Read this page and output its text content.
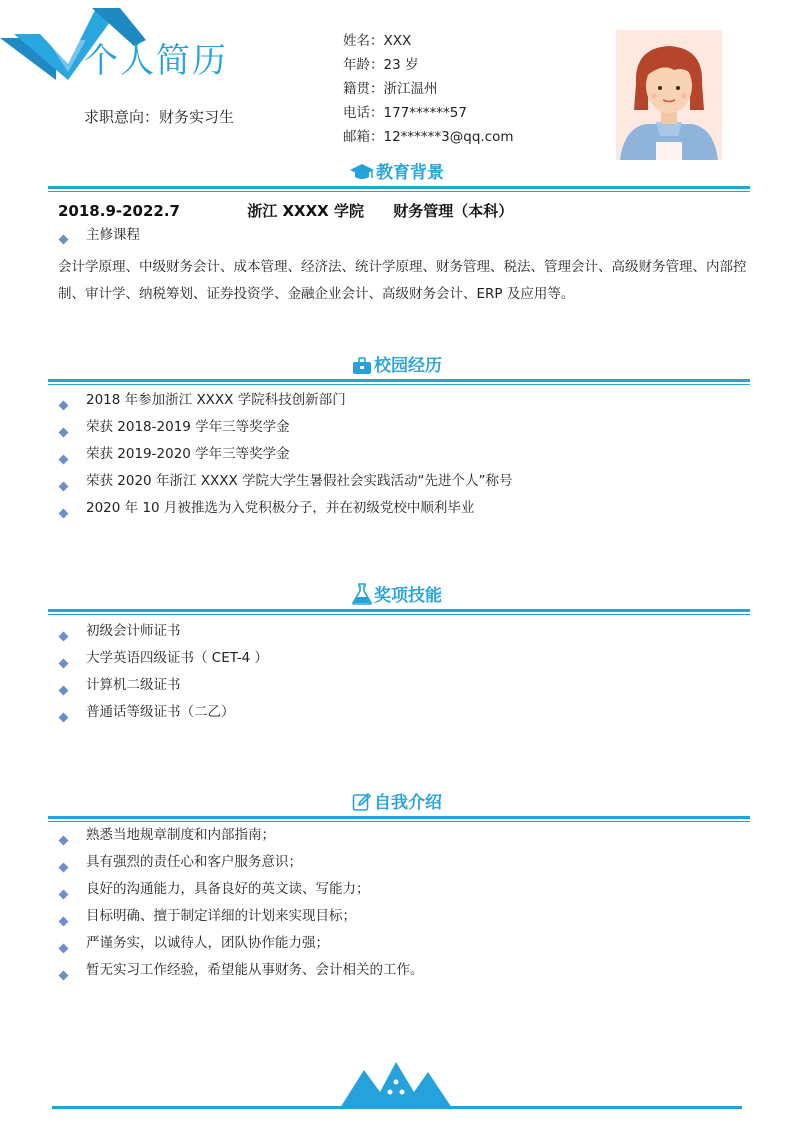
个人简历
求职意向：财务实习生
姓名：XXX
年龄：23 岁
籍贯：浙江温州
电话：177******57
邮箱：12******3@qq.com
教育背景
2018.9-2022.7	浙江 XXXX 学院 财务管理（本科）
主修课程
会计学原理、中级财务会计、成本管理、经济法、统计学原理、财务管理、税法、管理会计、高级财务管理、内部控制、审计学、纳税筹划、证券投资学、金融企业会计、高级财务会计、ERP 及应用等。
校园经历
2018 年参加浙江 XXXX 学院科技创新部门
荣获 2018-2019 学年三等奖学金
荣获 2019-2020 学年三等奖学金
荣获 2020 年浙江 XXXX 学院大学生暑假社会实践活动“先进个人”称号
2020 年 10 月被推选为入党积极分子，并在初级党校中顺利毕业
奖项技能
初级会计师证书
大学英语四级证书（ CET-4 ）
计算机二级证书
普通话等级证书（二乙）
自我介绍
熟悉当地规章制度和内部指南；
具有强烈的责任心和客户服务意识；
良好的沟通能力，具备良好的英文读、写能力；
目标明确、擅于制定详细的计划来实现目标；
严谨务实，以诚待人，团队协作能力强；
暂无实习工作经验，希望能从事财务、会计相关的工作。
